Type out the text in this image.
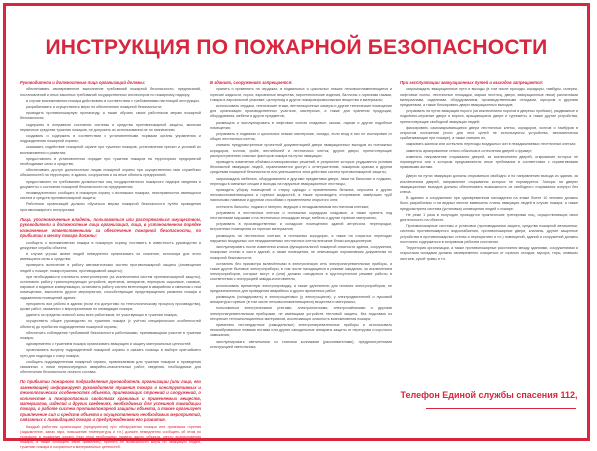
ИНСТРУКЦИЯ ПО ПОЖАРНОЙ БЕЗОПАСНОСТИ
Руководители и должностные лица организаций должны:
обеспечивать своевременное выполнение требований пожарной безопасности, предписаний, постановлений и иных законных требований государственных инспекторов по пожарному надзору;
в случае возникновения пожара действовать в соответствии с требованиями настоящей инструкции;
разрабатывать и осуществлять меры по обеспечению пожарной безопасности;
проводить противопожарную пропаганду, а также обучать своих работников мерам пожарной безопасности;
содержать в исправном состоянии системы и средства противопожарной защиты, включая первичные средства тушения пожаров, не допускать их использования не по назначению;
создавать и содержать в соответствии с установленными нормами органы управления и подразделения пожарной охраны;
оказывать содействие пожарной охране при тушении пожаров, установлении причин и условий их возникновения и развития;
предоставлять в установленном порядке при тушении пожаров на территориях предприятий необходимые силы и средства;
обеспечивать доступ должностным лицам пожарной охраны при осуществлении ими служебных обязанностей на территории, в здания, сооружения и на иные объекты предприятий;
предоставлять по требованию должностных лиц государственного пожарного надзора сведения и документы о состоянии пожарной безопасности на предприятиях;
незамедлительно сообщать в пожарную охрану о возникших пожарах, неисправностях имеющихся систем и средств противопожарной защиты;
Работники организаций должны обучаться мерам пожарной безопасности путём проведения противопожарного инструктажа.
Лица, уполномоченные владеть, пользоваться или распоряжаться имуществом, руководители и должностные лица организаций, лица, в установленном порядке назначенные ответственными за обеспечение пожарной безопасности, по прибытии к месту пожара должны:
сообщить о возникновении пожара в пожарную охрану, поставить в известность руководство и дежурные службы объекта;
в случае угрозы жизни людей немедленно организовать их спасение, используя для этого имеющиеся силы и средства;
проверить включение в работу автоматических систем противопожарной защиты (оповещения людей о пожаре, пожаротушения, противодымной защиты);
при необходимости отключить электроэнергию (за исключением систем противопожарной защиты), остановить работу транспортирующих устройств, агрегатов, аппаратов, перекрыть сырьевые, газовые, паровые и водяные коммуникации, остановить работу систем вентиляции в аварийном и смежном с ним помещениях, выполнить другие мероприятия, способствующие предотвращению развития пожара и задымления помещений здания;
прекратить все работы в здании (если это допустимо по технологическому процессу производства), кроме работ, связанных с мероприятиями по ликвидации пожара;
удалить за пределы опасной зоны всех работников, не участвующих в тушении пожара;
осуществить общее руководство по тушению пожара (с учётом специфических особенностей объекта) до прибытия подразделения пожарной охраны;
обеспечить соблюдение требований безопасности работниками, принимающими участие в тушении пожара;
одновременно с тушением пожара организовать эвакуацию и защиту материальных ценностей;
организовать встречу подразделений пожарной охраны и оказать помощь в выборе кратчайшего пути для подъезда к очагу пожара;
сообщать подразделениям пожарной охраны, привлекаемым для тушения пожаров и проведения связанных с ними первоочередных аварийно-спасательных работ, сведения, необходимые для обеспечения безопасности личного состава.
По прибытии пожарного подразделения руководитель организации (или лицо, его заменяющее) информирует руководителя тушения пожара о конструктивных и технологических особенностях объекта, прилегающих строений и сооружений, о количестве и пожароопасных свойствах хранимых и применяемых веществ, материалов, изделий и других сведениях, необходимых для успешной ликвидации пожара, о работе систем противопожарной защиты объекта, а также организует привлечение сил и средств объекта к осуществлению необходимых мероприятий, связанных с ликвидацией пожара и предупреждением его развития.
Каждый работник организации (предприятия) при обнаружении пожара или признаков горения (задымление, запах гари, повышение температуры и т.п.) должен немедленно сообщить об этом по телефону в пожарную охрану (при этом необходимо назвать адрес объекта, место возникновения пожара, а также сообщить свою фамилию); принять по возможности меры по эвакуации людей, тушению пожара и сохранности материальных ценностей.
В зданиях, сооружениях запрещается:
хранить и применять на чердаках, в подвальных и цокольных этажах легковоспламеняющиеся и горючие жидкости, порох, взрывчатые вещества, пиротехнические изделия, баллоны с горючими газами, товары в аэрозольной упаковке, целлулоид и другие пожаровзрывоопасные вещества и материалы;
использовать чердаки, технические этажи, вентиляционные камеры и другие технические помещения для организации производственных участков, мастерских, а также для хранения продукции, оборудования, мебели и других предметов;
размещать и эксплуатировать в лифтовых холлах кладовые, киоски, ларьки и другие подобные помещения;
устраивать в подвалах и цокольных этажах мастерские, склады, если вход в них не изолирован от общих лестничных клеток;
снимать предусмотренные проектной документацией двери эвакуационных выходов из поэтажных коридоров, холлов, фойе, вестибюлей и лестничных клеток, другие двери, препятствующие распространению опасных факторов пожара на путях эвакуации;
проводить изменения объёмно-планировочных решений, в результате которых ухудшаются условия безопасной эвакуации людей, ограничивается доступ к огнетушителям, пожарным кранам и другим средствам пожарной безопасности или уменьшается зона действия систем противопожарной защиты;
загромождать мебелью, оборудованием и другими предметами двери, люки на балконах и лоджиях, переходы в смежные секции и выходы на наружные эвакуационные лестницы;
проводить уборку помещений и стирку одежды с применением бензина, керосина и других легковоспламеняющихся и горючих жидкостей, а также производить отогревание замёрзших труб паяльными лампами и другими способами с применением открытого огня;
остеклять балконы, лоджии и галереи, ведущие к незадымляемым лестничным клеткам;
устраивать в лестничных клетках и поэтажных коридорах кладовые, а также хранить под лестничными маршами и на лестничных площадках вещи, мебель и другие горючие материалы;
устраивать в производственных и складских помещениях зданий антресоли, перегородки, встроенные помещения из горючих материалов;
размещать на лестничных клетках, в поэтажных коридорах, а также на открытых переходах наружных воздушных зон незадымляемых лестничных клеток внешние блоки кондиционеров;
эксплуатировать после изменения класса функциональной пожарной опасности здания, сооружения, пожарные отсеки и части зданий, а также помещения, не отвечающие нормативным документам по пожарной безопасности;
оставлять без присмотра включёнными в электрическую сеть электронагревательные приборы, а также другие бытовые электроприборы, в том числе находящиеся в режиме ожидания, за исключением электроприборов, которые могут и (или) должны находиться в круглосуточном режиме работы в соответствии с инструкцией завода-изготовителя;
использовать временную электропроводку, а также удлинители для питания электроприборов, не предназначенных для проведения аварийных и других временных работ;
размещать (складировать) в электрощитовых (у электрощитов), у электродвигателей и пусковой аппаратуры горючие (в том числе легковоспламеняющиеся) вещества и материалы;
пользоваться электрическими утюгами, электроплитками, электрочайниками и другими электронагревательными приборами, не имеющими устройств тепловой защиты, без подставок из негорючих теплоизоляционных материалов, исключающих опасность возникновения пожара;
применять нестандартные (самодельные) электронагревательные приборы и использовать некалиброванные плавкие вставки или другие самодельные аппараты защиты от перегрузки и короткого замыкания;
эксплуатировать светильники со снятыми колпаками (рассеивателями), предусмотренными конструкцией светильника.
При эксплуатации эвакуационных путей и выходов запрещается:
загромождать эвакуационные пути и выходы (в том числе проходы, коридоры, тамбуры, галереи, лифтовые холлы, лестничные площадки, марши лестниц, двери, эвакуационные люки) различными материалами, изделиями, оборудованием, производственными отходами, мусором и другими предметами, а также блокировать двери эвакуационных выходов;
устраивать на путях эвакуации пороги (за исключением порогов в дверных проёмах), раздвижные и подъёмно-опускные двери и ворота, вращающиеся двери и турникеты, а также другие устройства, препятствующие свободной эвакуации людей;
фиксировать самозакрывающиеся двери лестничных клеток, коридоров, холлов и тамбуров в открытом положении (если для этих целей не используются устройства, автоматически срабатывающие при пожаре), а также снимать их;
закрывать жалюзи или остеклять переходы воздушных зон в незадымляемых лестничных клетках;
заменять армированное стекло обычным в остеклении дверей и фрамуг;
изменять направление открывания дверей, за исключением дверей, открывание которых не нормируется или к которым предъявляются иные требования в соответствии с нормативными правовыми актами.
Двери на путях эвакуации должны открываться свободно и по направлению выхода из здания, за исключением дверей, направление открывания которых не нормируется. Запоры на дверях эвакуационных выходов должны обеспечивать возможность их свободного открывания изнутри без ключа.
В зданиях и сооружениях при одновременном нахождении на этаже более 10 человек должны быть разработаны и на видных местах вывешены планы эвакуации людей в случае пожара, а также предусмотрена система (установка) оповещения людей о пожаре.
Не реже 1 раза в полугодие проводятся практические тренировки лиц, осуществляющих свою деятельность на объекте.
Противопожарные системы и установки (противодымная защита, средства пожарной автоматики, системы противопожарного водоснабжения, противопожарные двери, клапаны, другие защитные устройства в противопожарных стенах и перекрытиях и т.п.) помещений, зданий и сооружений должны постоянно содержаться в исправном рабочем состоянии.
Территория организации, а также противопожарные расстояния между зданиями, сооружениями и открытыми складами должны своевременно очищаться от горючих отходов, мусора, тары, опавших листьев, сухой травы и т.п.
Телефон Единой службы спасения 112,
